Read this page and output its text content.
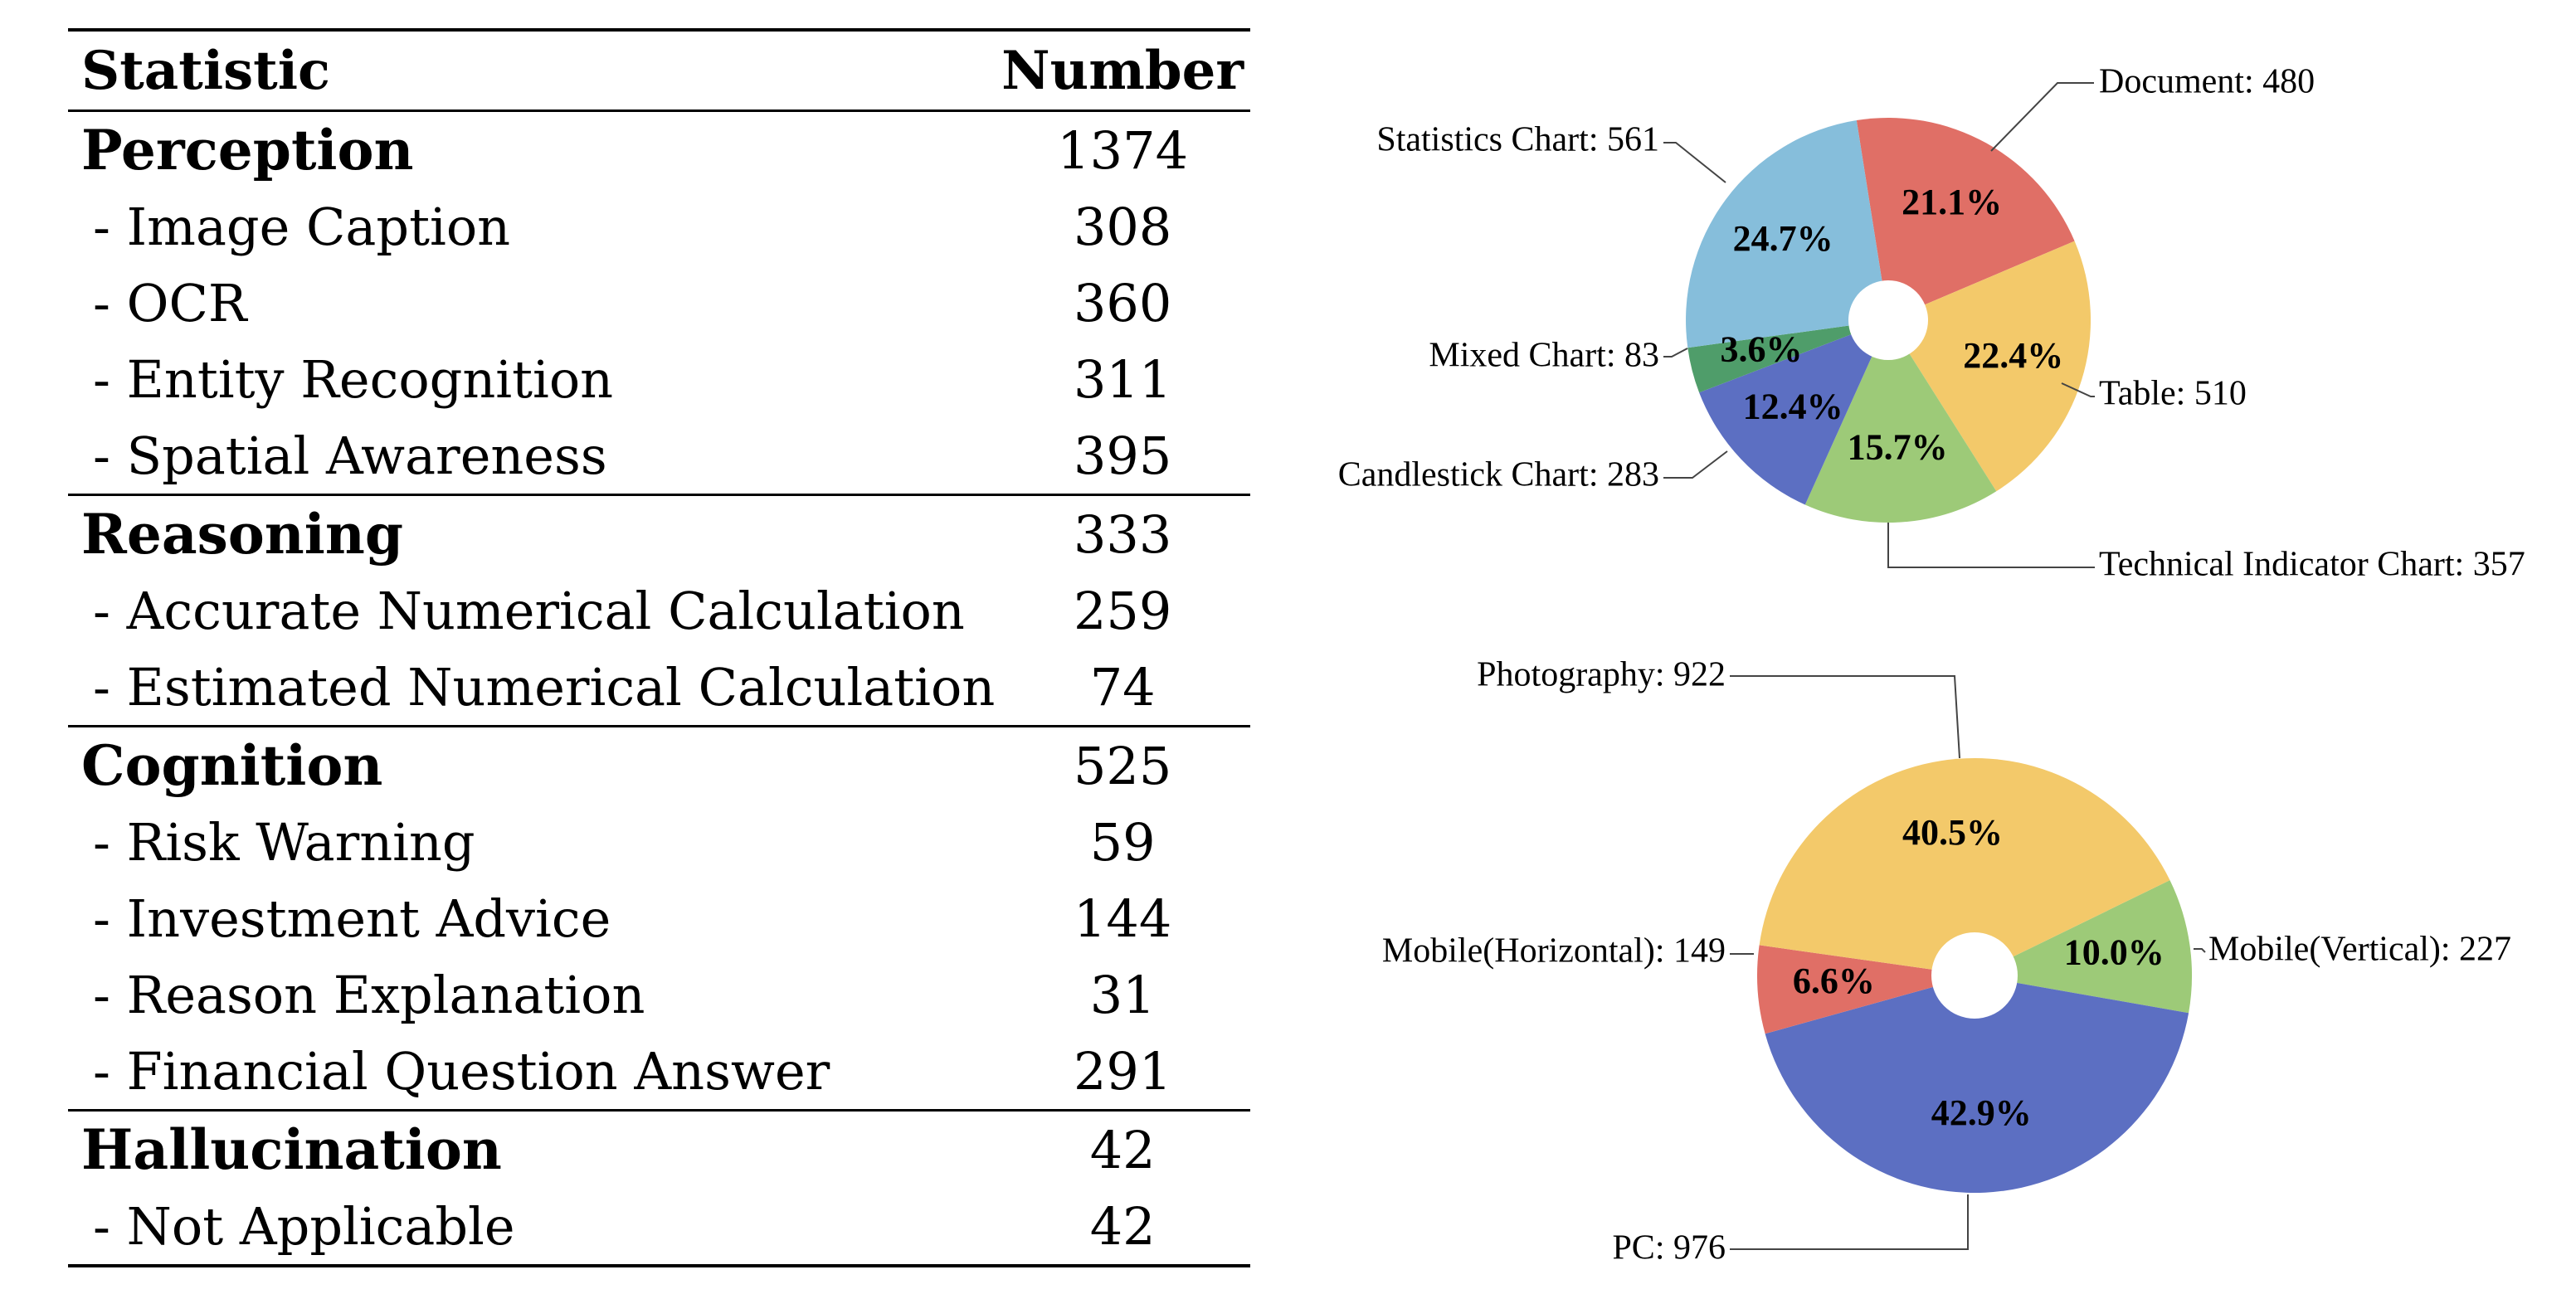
Statistic	Number
Perception	1374
- Image Caption	308
- OCR	360
- Entity Recognition	311
- Spatial Awareness	395
Reasoning	333
- Accurate Numerical Calculation	259
- Estimated Numerical Calculation	74
Cognition	525
- Risk Warning	59
- Investment Advice	144
- Reason Explanation	31
- Financial Question Answer	291
Hallucination	42
- Not Applicable	42
Document: 480
Table: 510
Technical Indicator Chart: 357
Candlestick Chart: 283
Mixed Chart: 83
Statistics Chart: 561
21.1%
22.4%
15.7%
12.4%
3.6%
24.7%
Mobile(Vertical): 227
PC: 976
Mobile(Horizontal): 149
Photography: 922
10.0%
42.9%
6.6%
40.5%
